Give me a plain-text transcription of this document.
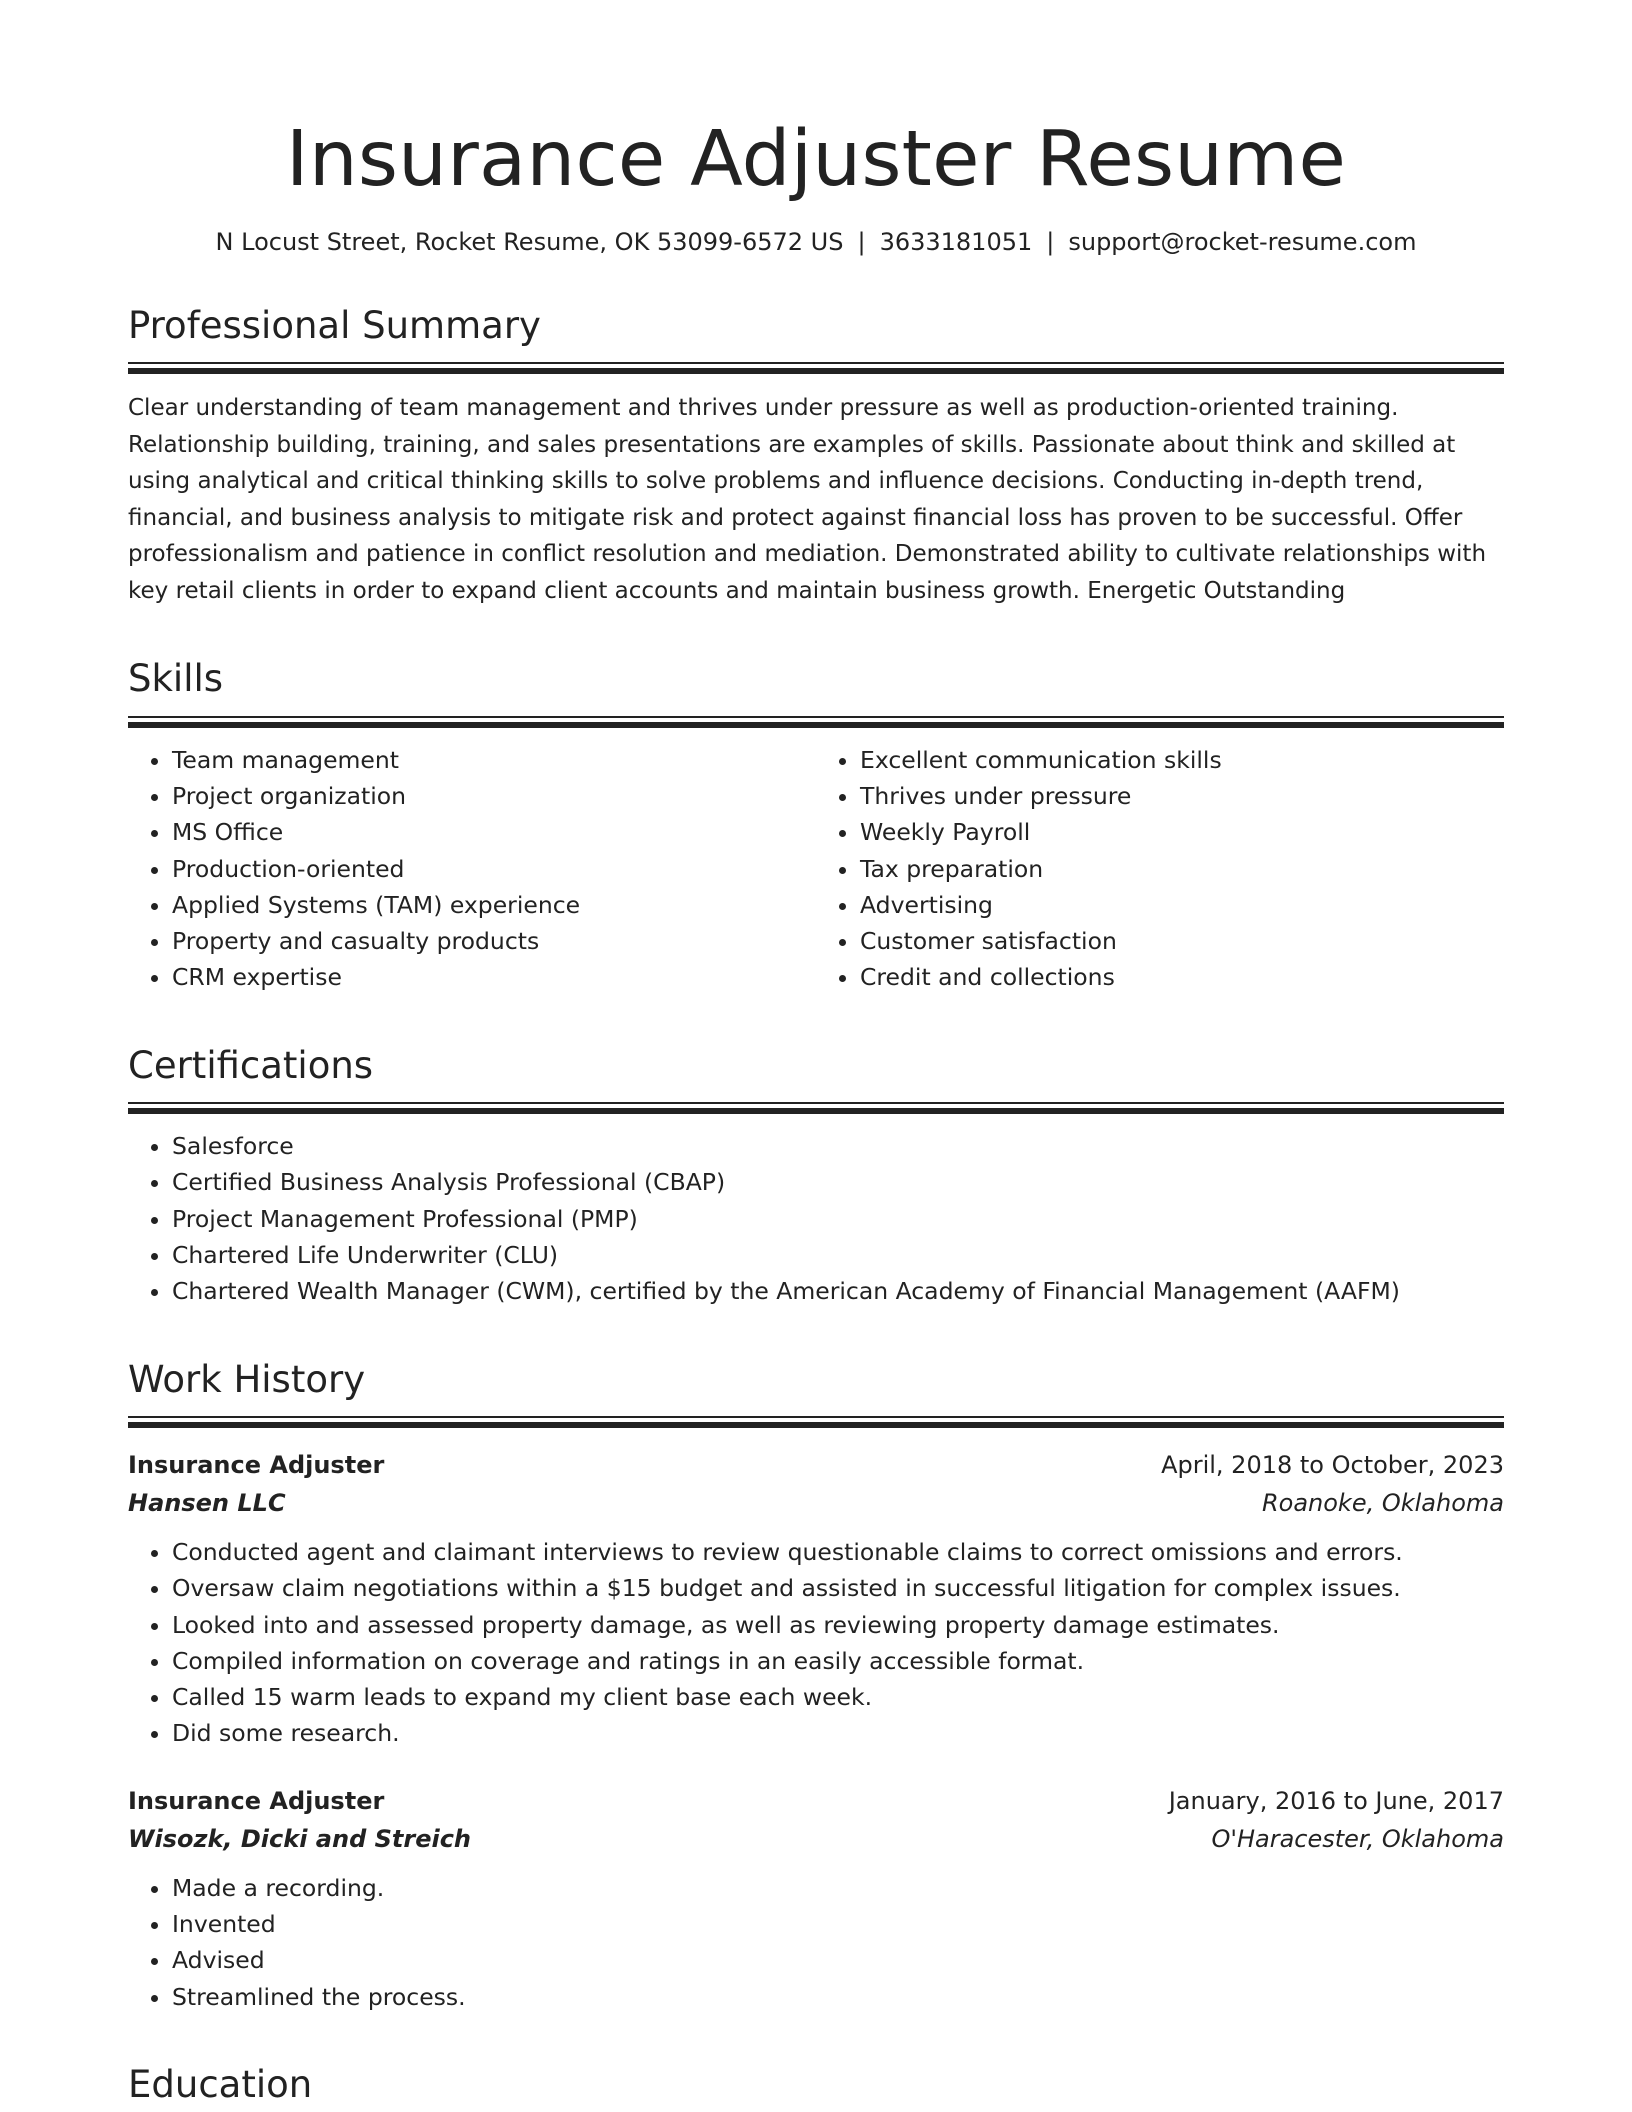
Insurance Adjuster Resume
N Locust Street, Rocket Resume, OK 53099-6572 US | 3633181051 | support@rocket-resume.com
Professional Summary
Clear understanding of team management and thrives under pressure as well as production-oriented training. Relationship building, training, and sales presentations are examples of skills. Passionate about think and skilled at using analytical and critical thinking skills to solve problems and influence decisions. Conducting in-depth trend, financial, and business analysis to mitigate risk and protect against financial loss has proven to be successful. Offer professionalism and patience in conflict resolution and mediation. Demonstrated ability to cultivate relationships with key retail clients in order to expand client accounts and maintain business growth. Energetic Outstanding
Skills
• Team management
• Project organization
• MS Office
• Production-oriented
• Applied Systems (TAM) experience
• Property and casualty products
• CRM expertise
• Excellent communication skills
• Thrives under pressure
• Weekly Payroll
• Tax preparation
• Advertising
• Customer satisfaction
• Credit and collections
Certifications
• Salesforce
• Certified Business Analysis Professional (CBAP)
• Project Management Professional (PMP)
• Chartered Life Underwriter (CLU)
• Chartered Wealth Manager (CWM), certified by the American Academy of Financial Management (AAFM)
Work History
Insurance Adjuster	April, 2018 to October, 2023
Hansen LLC	Roanoke, Oklahoma
• Conducted agent and claimant interviews to review questionable claims to correct omissions and errors.
• Oversaw claim negotiations within a $15 budget and assisted in successful litigation for complex issues.
• Looked into and assessed property damage, as well as reviewing property damage estimates.
• Compiled information on coverage and ratings in an easily accessible format.
• Called 15 warm leads to expand my client base each week.
• Did some research.
Insurance Adjuster	January, 2016 to June, 2017
Wisozk, Dicki and Streich	O'Haracester, Oklahoma
• Made a recording.
• Invented
• Advised
• Streamlined the process.
Education
